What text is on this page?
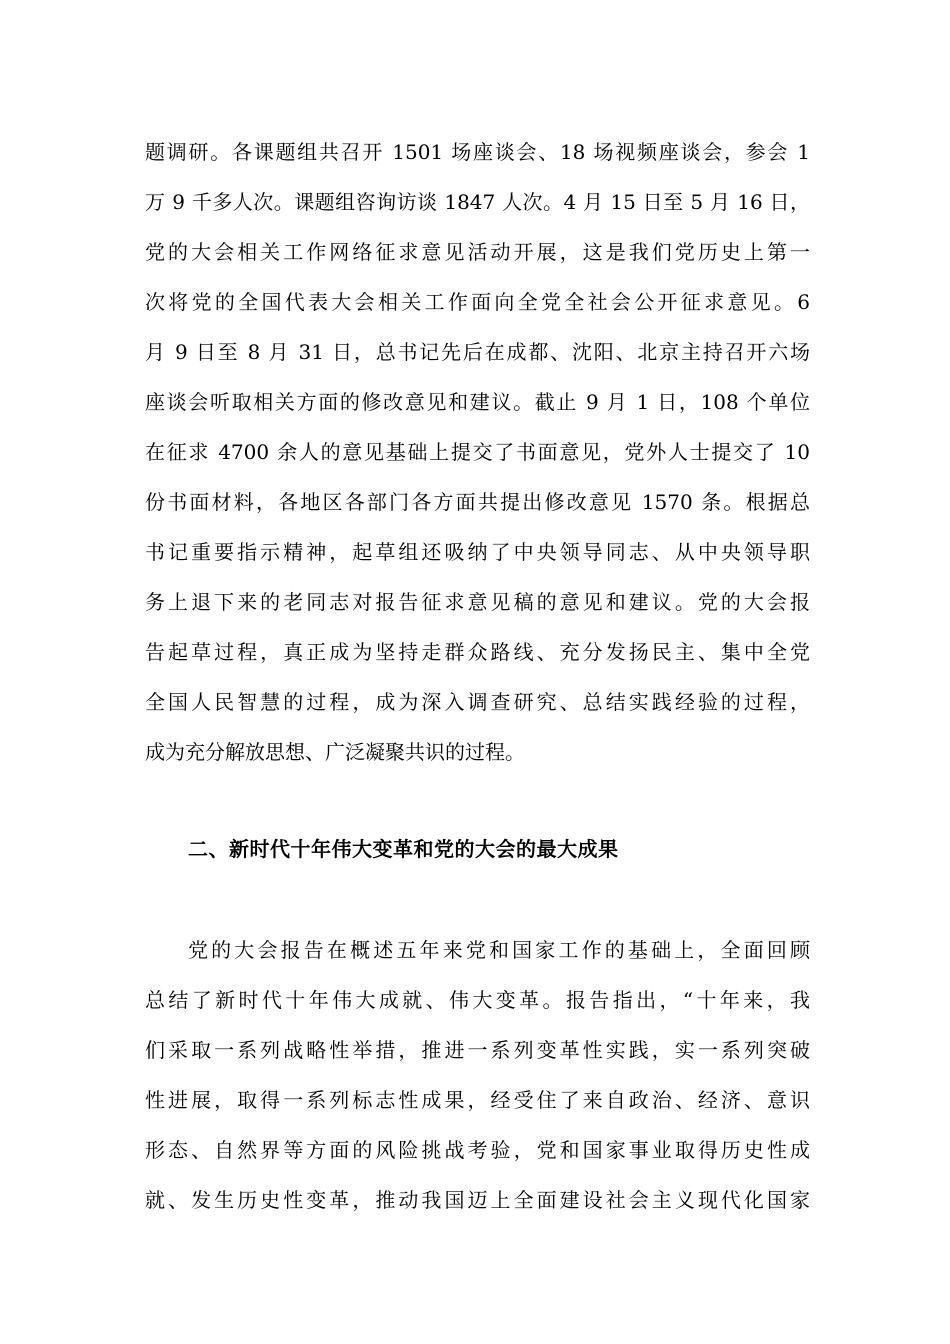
题调研。各课题组共召开 1501 场座谈会、18 场视频座谈会，参会 1
万 9 千多人次。课题组咨询访谈 1847 人次。4 月 15 日至 5 月 16 日，
党的大会相关工作网络征求意见活动开展，这是我们党历史上第一
次将党的全国代表大会相关工作面向全党全社会公开征求意见。6
月 9 日至 8 月 31 日，总书记先后在成都、沈阳、北京主持召开六场
座谈会听取相关方面的修改意见和建议。截止 9 月 1 日，108 个单位
在征求 4700 余人的意见基础上提交了书面意见，党外人士提交了 10
份书面材料，各地区各部门各方面共提出修改意见 1570 条。根据总
书记重要指示精神，起草组还吸纳了中央领导同志、从中央领导职
务上退下来的老同志对报告征求意见稿的意见和建议。党的大会报
告起草过程，真正成为坚持走群众路线、充分发扬民主、集中全党
全国人民智慧的过程，成为深入调查研究、总结实践经验的过程，
成为充分解放思想、广泛凝聚共识的过程。
二、新时代十年伟大变革和党的大会的最大成果
党的大会报告在概述五年来党和国家工作的基础上，全面回顾
总结了新时代十年伟大成就、伟大变革。报告指出，“十年来，我
们采取一系列战略性举措，推进一系列变革性实践，实一系列突破
性进展，取得一系列标志性成果，经受住了来自政治、经济、意识
形态、自然界等方面的风险挑战考验，党和国家事业取得历史性成
就、发生历史性变革，推动我国迈上全面建设社会主义现代化国家
